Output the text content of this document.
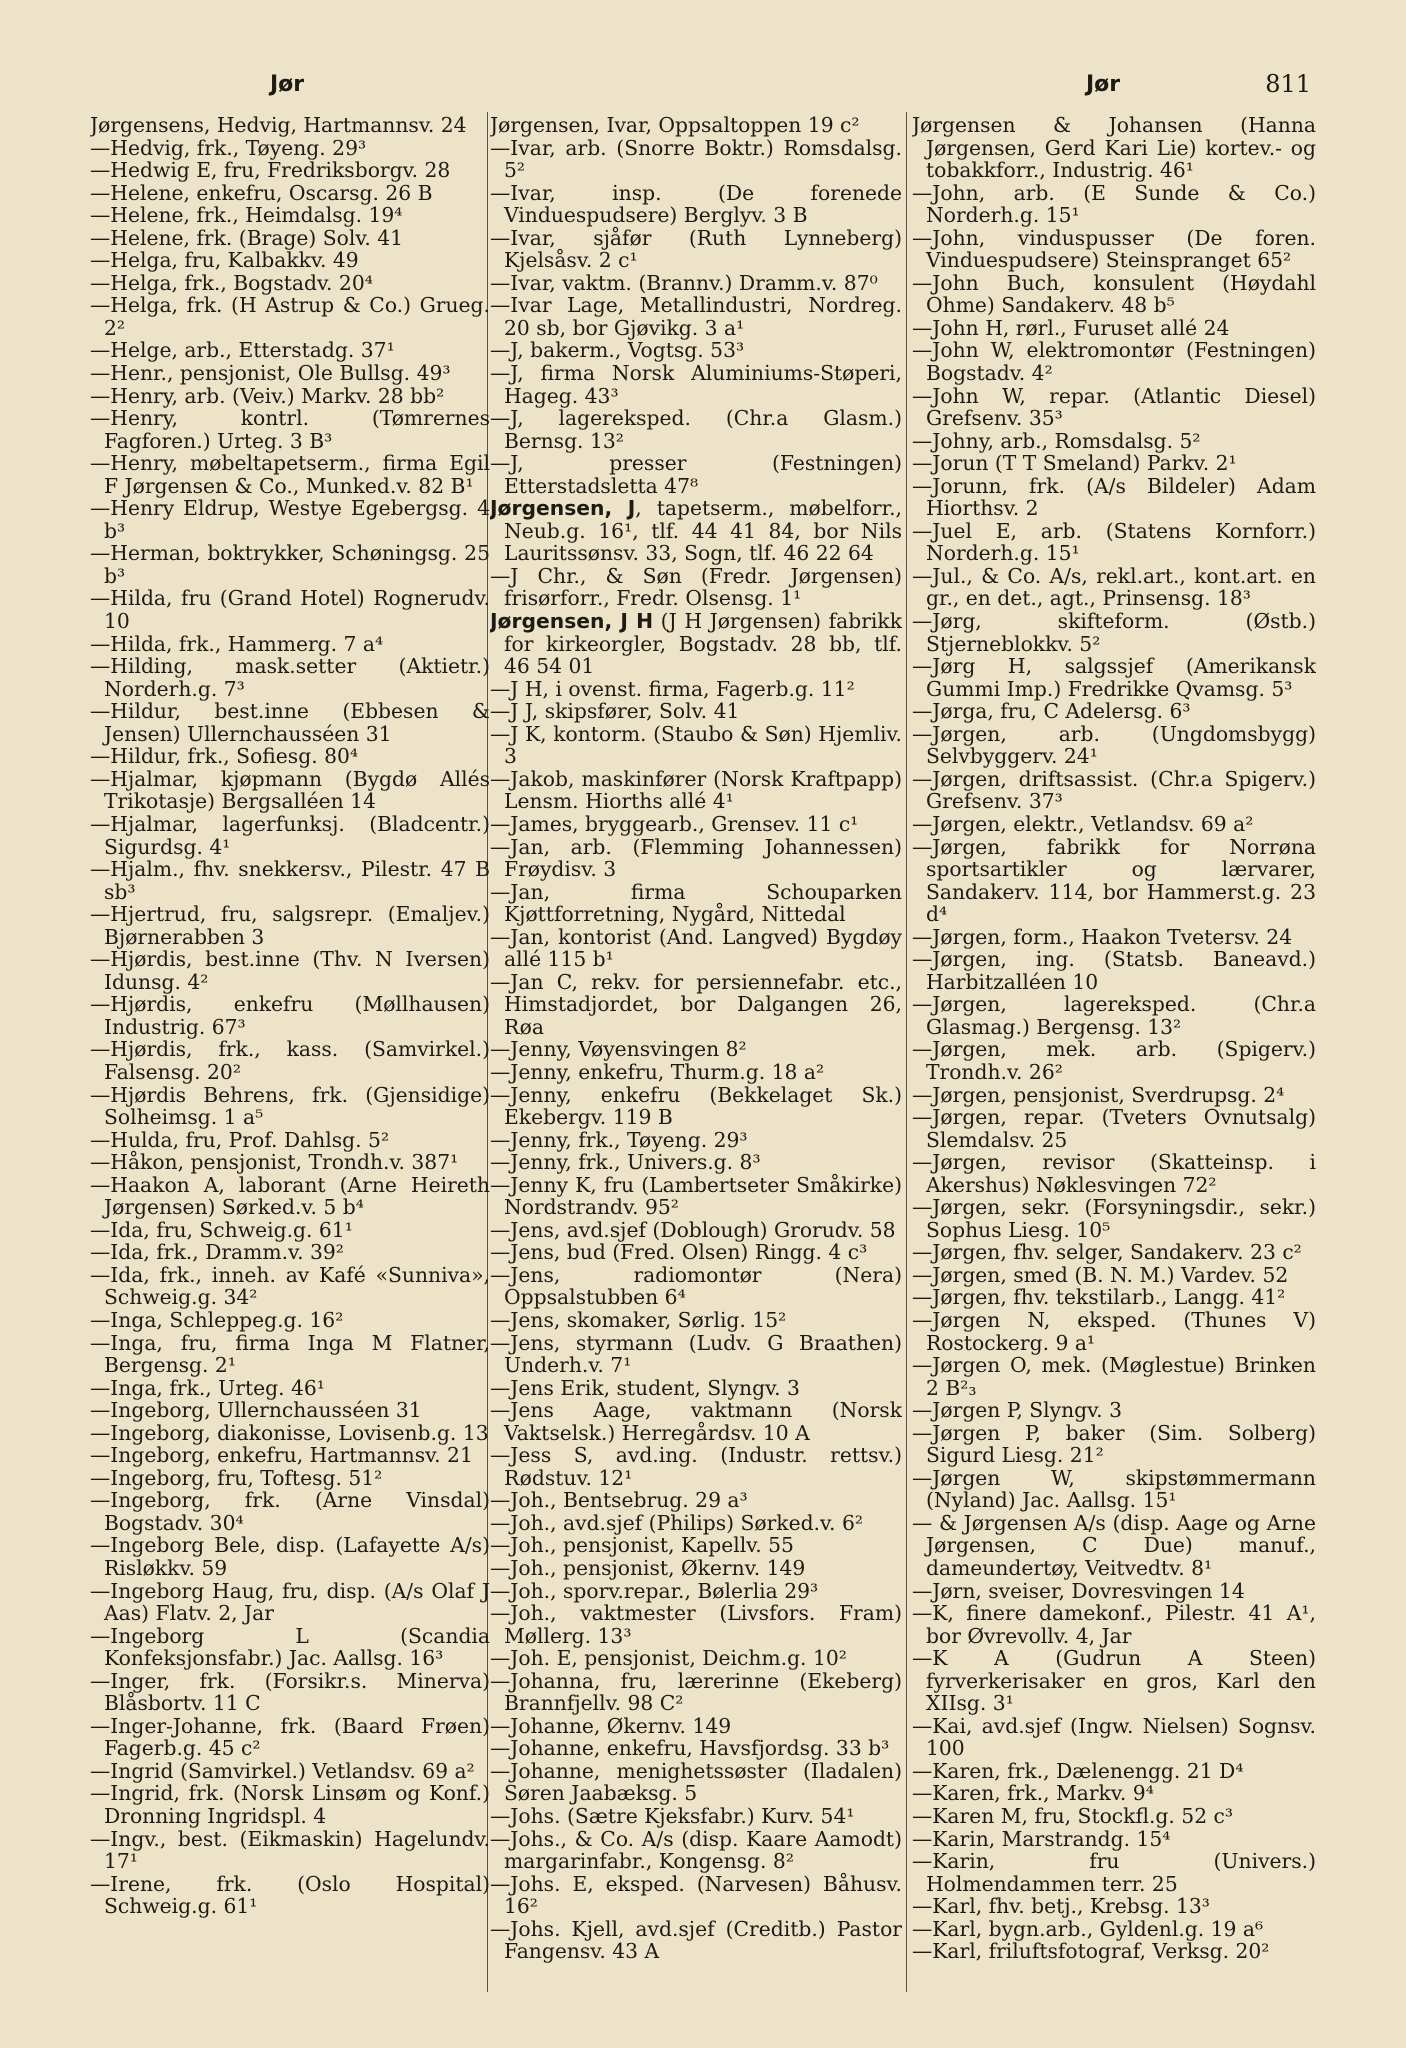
Jør	Jør	811
Jørgensens, Hedvig, Hartmannsv. 24
—Hedvig, frk., Tøyeng. 29³
—Hedwig E, fru, Fredriksborgv. 28
—Helene, enkefru, Oscarsg. 26 B
—Helene, frk., Heimdalsg. 19⁴
—Helene, frk. (Brage) Solv. 41
—Helga, fru, Kalbakkv. 49
—Helga, frk., Bogstadv. 20⁴
—Helga, frk. (H Astrup & Co.) Grueg. 2²
—Helge, arb., Etterstadg. 37¹
—Henr., pensjonist, Ole Bullsg. 49³
—Henry, arb. (Veiv.) Markv. 28 bb²
—Henry, kontrl. (Tømrernes Fagforen.) Urteg. 3 B³
—Henry, møbeltapetserm., firma Egil F Jørgensen & Co., Munked.v. 82 B¹
—Henry Eldrup, Westye Egebergsg. 4 b³
—Herman, boktrykker, Schøningsg. 25 b³
—Hilda, fru (Grand Hotel) Rognerudv. 10
—Hilda, frk., Hammerg. 7 a⁴
—Hilding, mask.setter (Aktietr.) Norderh.g. 7³
—Hildur, best.inne (Ebbesen & Jensen) Ullernchausséen 31
—Hildur, frk., Sofiesg. 80⁴
—Hjalmar, kjøpmann (Bygdø Allés Trikotasje) Bergsalléen 14
—Hjalmar, lagerfunksj. (Bladcentr.) Sigurdsg. 4¹
—Hjalm., fhv. snekkersv., Pilestr. 47 B sb³
—Hjertrud, fru, salgsrepr. (Emaljev.) Bjørnerabben 3
—Hjørdis, best.inne (Thv. N Iversen) Idunsg. 4²
—Hjørdis, enkefru (Møllhausen) Industrig. 67³
—Hjørdis, frk., kass. (Samvirkel.) Falsensg. 20²
—Hjørdis Behrens, frk. (Gjensidige) Solheimsg. 1 a⁵
—Hulda, fru, Prof. Dahlsg. 5²
—Håkon, pensjonist, Trondh.v. 387¹
—Haakon A, laborant (Arne Heireth Jørgensen) Sørked.v. 5 b⁴
—Ida, fru, Schweig.g. 61¹
—Ida, frk., Dramm.v. 39²
—Ida, frk., inneh. av Kafé «Sunniva», Schweig.g. 34²
—Inga, Schleppeg.g. 16²
—Inga, fru, firma Inga M Flatner, Bergensg. 2¹
—Inga, frk., Urteg. 46¹
—Ingeborg, Ullernchausséen 31
—Ingeborg, diakonisse, Lovisenb.g. 13
—Ingeborg, enkefru, Hartmannsv. 21
—Ingeborg, fru, Toftesg. 51²
—Ingeborg, frk. (Arne Vinsdal) Bogstadv. 30⁴
—Ingeborg Bele, disp. (Lafayette A/s) Risløkkv. 59
—Ingeborg Haug, fru, disp. (A/s Olaf J Aas) Flatv. 2, Jar
—Ingeborg L (Scandia Konfeksjonsfabr.) Jac. Aallsg. 16³
—Inger, frk. (Forsikr.s. Minerva) Blåsbortv. 11 C
—Inger-Johanne, frk. (Baard Frøen) Fagerb.g. 45 c²
—Ingrid (Samvirkel.) Vetlandsv. 69 a²
—Ingrid, frk. (Norsk Linsøm og Konf.) Dronning Ingridspl. 4
—Ingv., best. (Eikmaskin) Hagelundv. 17¹
—Irene, frk. (Oslo Hospital) Schweig.g. 61¹
Jørgensen, Ivar, Oppsaltoppen 19 c²
—Ivar, arb. (Snorre Boktr.) Romsdalsg. 5²
—Ivar, insp. (De forenede Vinduespudsere) Berglyv. 3 B
—Ivar, sjåfør (Ruth Lynneberg) Kjelsåsv. 2 c¹
—Ivar, vaktm. (Brannv.) Dramm.v. 87⁰
—Ivar Lage, Metallindustri, Nordreg. 20 sb, bor Gjøvikg. 3 a¹
—J, bakerm., Vogtsg. 53³
—J, firma Norsk Aluminiums-Støperi, Hageg. 43³
—J, lagereksped. (Chr.a Glasm.) Bernsg. 13²
—J, presser (Festningen) Etterstadsletta 47⁸
Jørgensen, J, tapetserm., møbelforr., Neub.g. 16¹, tlf. 44 41 84, bor Nils Lauritssønsv. 33, Sogn, tlf. 46 22 64
—J Chr., & Søn (Fredr. Jørgensen) frisørforr., Fredr. Olsensg. 1¹
Jørgensen, J H (J H Jørgensen) fabrikk for kirkeorgler, Bogstadv. 28 bb, tlf. 46 54 01
—J H, i ovenst. firma, Fagerb.g. 11²
—J J, skipsfører, Solv. 41
—J K, kontorm. (Staubo & Søn) Hjemliv. 3
—Jakob, maskinfører (Norsk Kraftpapp) Lensm. Hiorths allé 4¹
—James, bryggearb., Grensev. 11 c¹
—Jan, arb. (Flemming Johannessen) Frøydisv. 3
—Jan, firma Schouparken Kjøttforretning, Nygård, Nittedal
—Jan, kontorist (And. Langved) Bygdøy allé 115 b¹
—Jan C, rekv. for persiennefabr. etc., Himstadjordet, bor Dalgangen 26, Røa
—Jenny, Vøyensvingen 8²
—Jenny, enkefru, Thurm.g. 18 a²
—Jenny, enkefru (Bekkelaget Sk.) Ekebergv. 119 B
—Jenny, frk., Tøyeng. 29³
—Jenny, frk., Univers.g. 8³
—Jenny K, fru (Lambertseter Småkirke) Nordstrandv. 95²
—Jens, avd.sjef (Doblough) Grorudv. 58
—Jens, bud (Fred. Olsen) Ringg. 4 c³
—Jens, radiomontør (Nera) Oppsalstubben 6⁴
—Jens, skomaker, Sørlig. 15²
—Jens, styrmann (Ludv. G Braathen) Underh.v. 7¹
—Jens Erik, student, Slyngv. 3
—Jens Aage, vaktmann (Norsk Vaktselsk.) Herregårdsv. 10 A
—Jess S, avd.ing. (Industr. rettsv.) Rødstuv. 12¹
—Joh., Bentsebrug. 29 a³
—Joh., avd.sjef (Philips) Sørked.v. 6²
—Joh., pensjonist, Kapellv. 55
—Joh., pensjonist, Økernv. 149
—Joh., sporv.repar., Bølerlia 29³
—Joh., vaktmester (Livsfors. Fram) Møllerg. 13³
—Joh. E, pensjonist, Deichm.g. 10²
—Johanna, fru, lærerinne (Ekeberg) Brannfjellv. 98 C²
—Johanne, Økernv. 149
—Johanne, enkefru, Havsfjordsg. 33 b³
—Johanne, menighetssøster (Iladalen) Søren Jaabæksg. 5
—Johs. (Sætre Kjeksfabr.) Kurv. 54¹
—Johs., & Co. A/s (disp. Kaare Aamodt) margarinfabr., Kongensg. 8²
—Johs. E, eksped. (Narvesen) Båhusv. 16²
—Johs. Kjell, avd.sjef (Creditb.) Pastor Fangensv. 43 A
Jørgensen & Johansen (Hanna Jørgensen, Gerd Kari Lie) kortev.- og tobakkforr., Industrig. 46¹
—John, arb. (E Sunde & Co.) Norderh.g. 15¹
—John, vinduspusser (De foren. Vinduespudsere) Steinspranget 65²
—John Buch, konsulent (Høydahl Ohme) Sandakerv. 48 b⁵
—John H, rørl., Furuset allé 24
—John W, elektromontør (Festningen) Bogstadv. 4²
—John W, repar. (Atlantic Diesel) Grefsenv. 35³
—Johny, arb., Romsdalsg. 5²
—Jorun (T T Smeland) Parkv. 2¹
—Jorunn, frk. (A/s Bildeler) Adam Hiorthsv. 2
—Juel E, arb. (Statens Kornforr.) Norderh.g. 15¹
—Jul., & Co. A/s, rekl.art., kont.art. en gr., en det., agt., Prinsensg. 18³
—Jørg, skifteform. (Østb.) Stjerneblokkv. 5²
—Jørg H, salgssjef (Amerikansk Gummi Imp.) Fredrikke Qvamsg. 5³
—Jørga, fru, C Adelersg. 6³
—Jørgen, arb. (Ungdomsbygg) Selvbyggerv. 24¹
—Jørgen, driftsassist. (Chr.a Spigerv.) Grefsenv. 37³
—Jørgen, elektr., Vetlandsv. 69 a²
—Jørgen, fabrikk for Norrøna sportsartikler og lærvarer, Sandakerv. 114, bor Hammerst.g. 23 d⁴
—Jørgen, form., Haakon Tvetersv. 24
—Jørgen, ing. (Statsb. Baneavd.) Harbitzalléen 10
—Jørgen, lagereksped. (Chr.a Glasmag.) Bergensg. 13²
—Jørgen, mek. arb. (Spigerv.) Trondh.v. 26²
—Jørgen, pensjonist, Sverdrupsg. 2⁴
—Jørgen, repar. (Tveters Ovnutsalg) Slemdalsv. 25
—Jørgen, revisor (Skatteinsp. i Akershus) Nøklesvingen 72²
—Jørgen, sekr. (Forsyningsdir., sekr.) Sophus Liesg. 10⁵
—Jørgen, fhv. selger, Sandakerv. 23 c²
—Jørgen, smed (B. N. M.) Vardev. 52
—Jørgen, fhv. tekstilarb., Langg. 41²
—Jørgen N, eksped. (Thunes V) Rostockerg. 9 a¹
—Jørgen O, mek. (Møglestue) Brinken 2 B²₃
—Jørgen P, Slyngv. 3
—Jørgen P, baker (Sim. Solberg) Sigurd Liesg. 21²
—Jørgen W, skipstømmermann (Nyland) Jac. Aallsg. 15¹
— & Jørgensen A/s (disp. Aage og Arne Jørgensen, C Due) manuf., dameundertøy, Veitvedtv. 8¹
—Jørn, sveiser, Dovresvingen 14
—K, finere damekonf., Pilestr. 41 A¹, bor Øvrevollv. 4, Jar
—K A (Gudrun A Steen) fyrverkerisaker en gros, Karl den XIIsg. 3¹
—Kai, avd.sjef (Ingw. Nielsen) Sognsv. 100
—Karen, frk., Dælenengg. 21 D⁴
—Karen, frk., Markv. 9⁴
—Karen M, fru, Stockfl.g. 52 c³
—Karin, Marstrandg. 15⁴
—Karin, fru (Univers.) Holmendammen terr. 25
—Karl, fhv. betj., Krebsg. 13³
—Karl, bygn.arb., Gyldenl.g. 19 a⁶
—Karl, friluftsfotograf, Verksg. 20²
